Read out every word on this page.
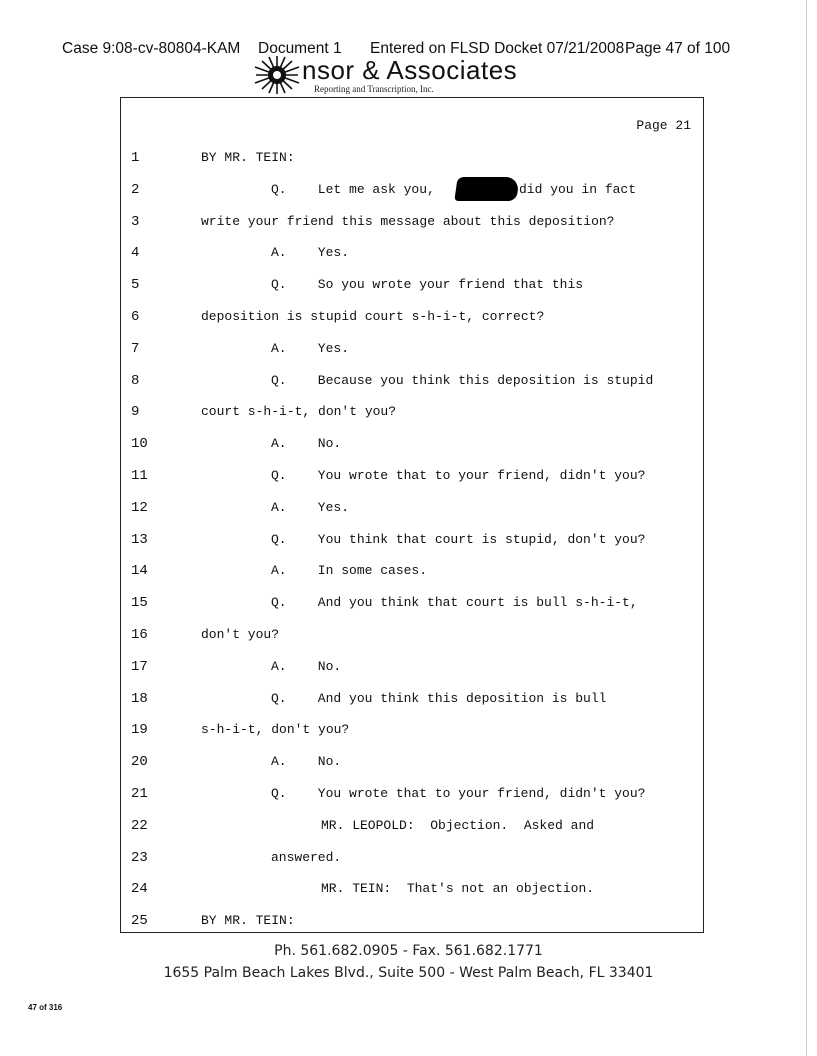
Case 9:08-cv-80804-KAM Document 1 Entered on FLSD Docket 07/21/2008 Page 47 of 100
nsor & Associates
Reporting and Transcription, Inc.
Page 21
1	BY MR. TEIN:
2	Q.    Let me ask you,	did you in fact
3	write your friend this message about this deposition?
4	A.    Yes.
5	Q.    So you wrote your friend that this
6	deposition is stupid court s-h-i-t, correct?
7	A.    Yes.
8	Q.    Because you think this deposition is stupid
9	court s-h-i-t, don't you?
10	A.    No.
11	Q.    You wrote that to your friend, didn't you?
12	A.    Yes.
13	Q.    You think that court is stupid, don't you?
14	A.    In some cases.
15	Q.    And you think that court is bull s-h-i-t,
16	don't you?
17	A.    No.
18	Q.    And you think this deposition is bull
19	s-h-i-t, don't you?
20	A.    No.
21	Q.    You wrote that to your friend, didn't you?
22	MR. LEOPOLD:  Objection.  Asked and
23	answered.
24	MR. TEIN:  That's not an objection.
25	BY MR. TEIN:
Ph. 561.682.0905 - Fax. 561.682.1771
1655 Palm Beach Lakes Blvd., Suite 500 - West Palm Beach, FL 33401
47 of 316
